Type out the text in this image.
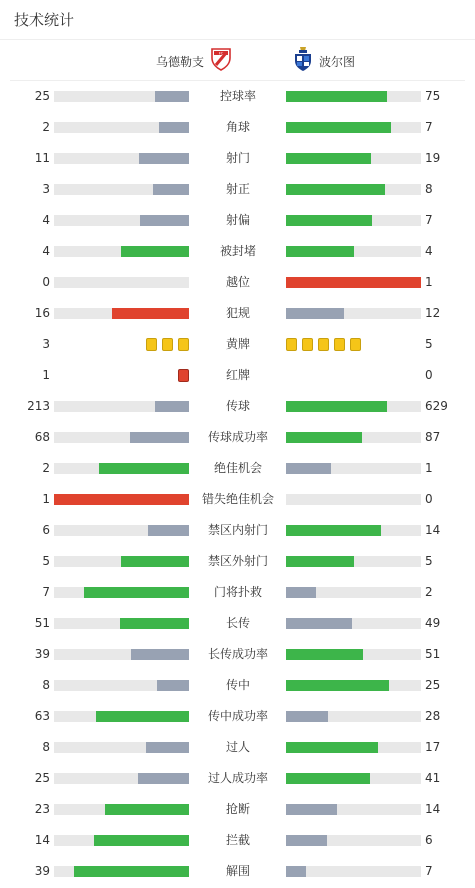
技术统计
乌德勒支
FC
波尔图
25	控球率	75
2	角球	7
11	射门	19
3	射正	8
4	射偏	7
4	被封堵	4
0	越位	1
16	犯规	12
3	黄牌	5
1	红牌	0
213	传球	629
68	传球成功率	87
2	绝佳机会	1
1	错失绝佳机会	0
6	禁区内射门	14
5	禁区外射门	5
7	门将扑救	2
51	长传	49
39	长传成功率	51
8	传中	25
63	传中成功率	28
8	过人	17
25	过人成功率	41
23	抢断	14
14	拦截	6
39	解围	7
